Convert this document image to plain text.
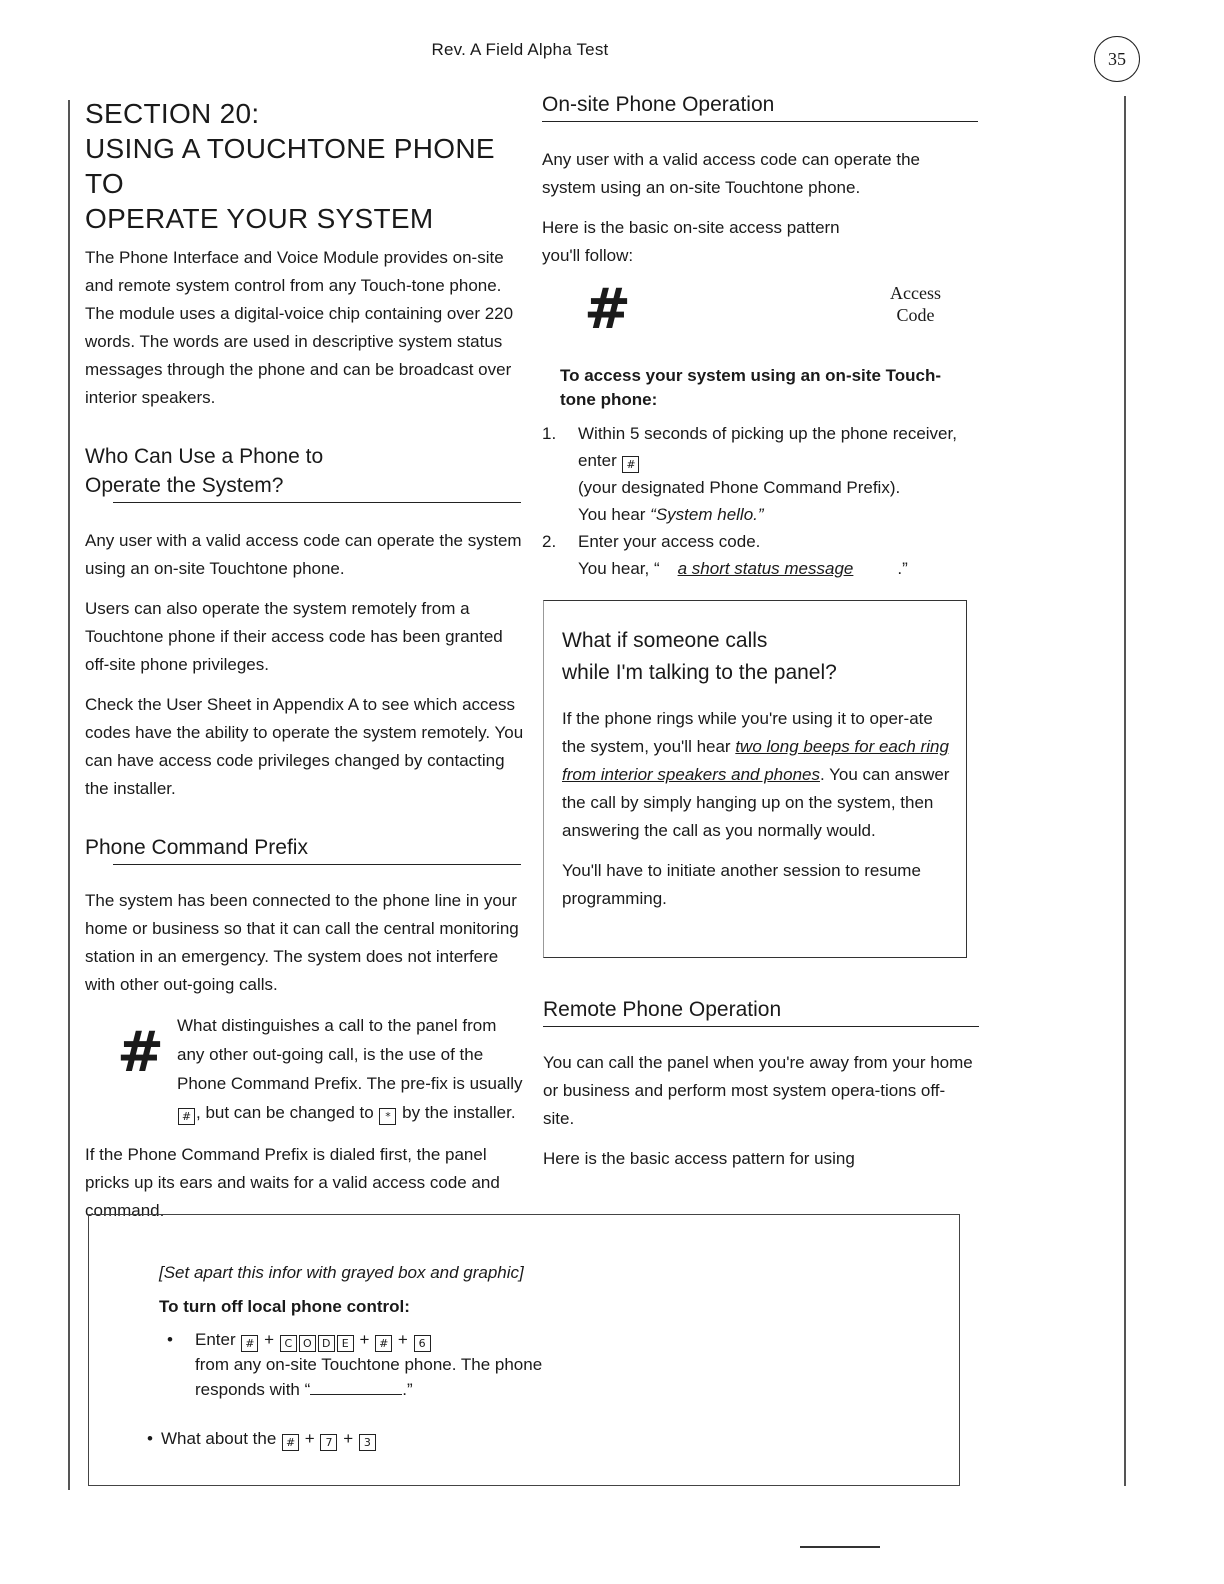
Rev. A Field Alpha Test	35
SECTION 20:
USING A TOUCHTONE PHONE TO
OPERATE YOUR SYSTEM

The Phone Interface and Voice Module provides on-site and remote system control from any Touch-tone phone. The module uses a digital-voice chip containing over 220 words. The words are used in descriptive system status messages through the phone and can be broadcast over interior speakers.

Who Can Use a Phone to
Operate the System?

Any user with a valid access code can operate the system using an on-site Touchtone phone.

Users can also operate the system remotely from a Touchtone phone if their access code has been granted off-site phone privileges.

Check the User Sheet in Appendix A to see which access codes have the ability to operate the system remotely. You can have access code privileges changed by contacting the installer.

Phone Command Prefix

The system has been connected to the phone line in your home or business so that it can call the central monitoring station in an emergency. The system does not interfere with other out-going calls.

# What distinguishes a call to the panel from any other out-going call, is the use of the Phone Command Prefix. The pre-fix is usually # , but can be changed to * by the installer.

If the Phone Command Prefix is dialed first, the panel pricks up its ears and waits for a valid access code and command.

On-site Phone Operation

Any user with a valid access code can operate the system using an on-site Touchtone phone.

Here is the basic on-site access pattern you'll follow:

#	Access
Code
To access your system using an on-site Touch-tone phone:
1. Within 5 seconds of picking up the phone receiver, enter #
(your designated Phone Command Prefix).
You hear “System hello.”
2. Enter your access code.
You hear, “ a short status message	.”
What if someone calls
while I'm talking to the panel?

If the phone rings while you're using it to oper-ate the system, you'll hear two long beeps for each ring from interior speakers and phones. You can answer the call by simply hanging up on the system, then answering the call as you normally would.

You'll have to initiate another session to resume programming.

Remote Phone Operation

You can call the panel when you're away from your home or business and perform most system opera-tions off-site.

Here is the basic access pattern for using

[Set apart this infor with grayed box and graphic]
To turn off local phone control:
• Enter # + C O D E + # + 6
from any on-site Touchtone phone. The phone
responds with “	.”
• What about the # + 7 + 3
